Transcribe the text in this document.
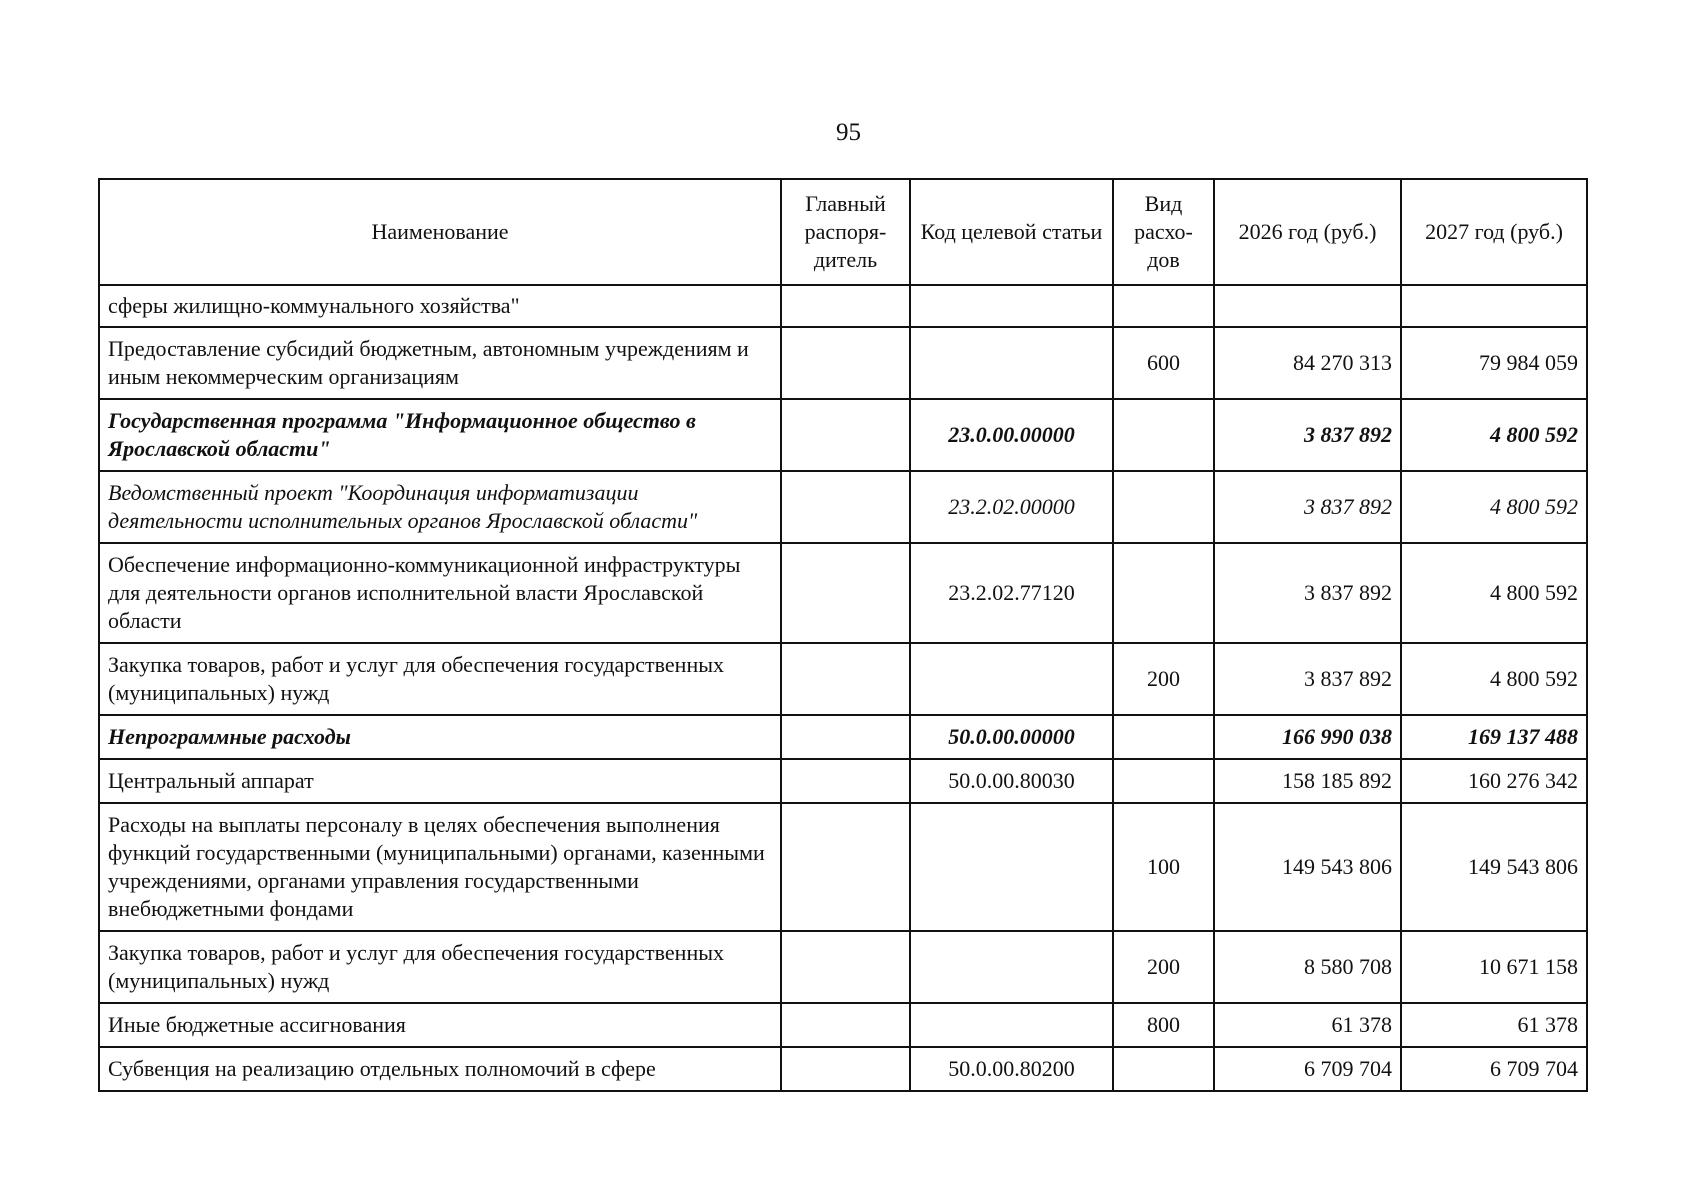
95
Наименование	Главный распоря-дитель	Код целевой статьи	Вид расхо-дов	2026 год (руб.)	2027 год (руб.)
сферы жилищно-коммунального хозяйства"					
Предоставление субсидий бюджетным, автономным учреждениям и иным некоммерческим организациям			600	84 270 313	79 984 059
Государственная программа "Информационное общество в Ярославской области"		23.0.00.00000		3 837 892	4 800 592
Ведомственный проект "Координация информатизации деятельности исполнительных органов Ярославской области"		23.2.02.00000		3 837 892	4 800 592
Обеспечение информационно-коммуникационной инфраструктуры для деятельности органов исполнительной власти Ярославской области		23.2.02.77120		3 837 892	4 800 592
Закупка товаров, работ и услуг для обеспечения государственных (муниципальных) нужд			200	3 837 892	4 800 592
Непрограммные расходы		50.0.00.00000		166 990 038	169 137 488
Центральный аппарат		50.0.00.80030		158 185 892	160 276 342
Расходы на выплаты персоналу в целях обеспечения выполнения функций государственными (муниципальными) органами, казенными учреждениями, органами управления государственными внебюджетными фондами			100	149 543 806	149 543 806
Закупка товаров, работ и услуг для обеспечения государственных (муниципальных) нужд			200	8 580 708	10 671 158
Иные бюджетные ассигнования			800	61 378	61 378
Субвенция на реализацию отдельных полномочий в сфере		50.0.00.80200		6 709 704	6 709 704
